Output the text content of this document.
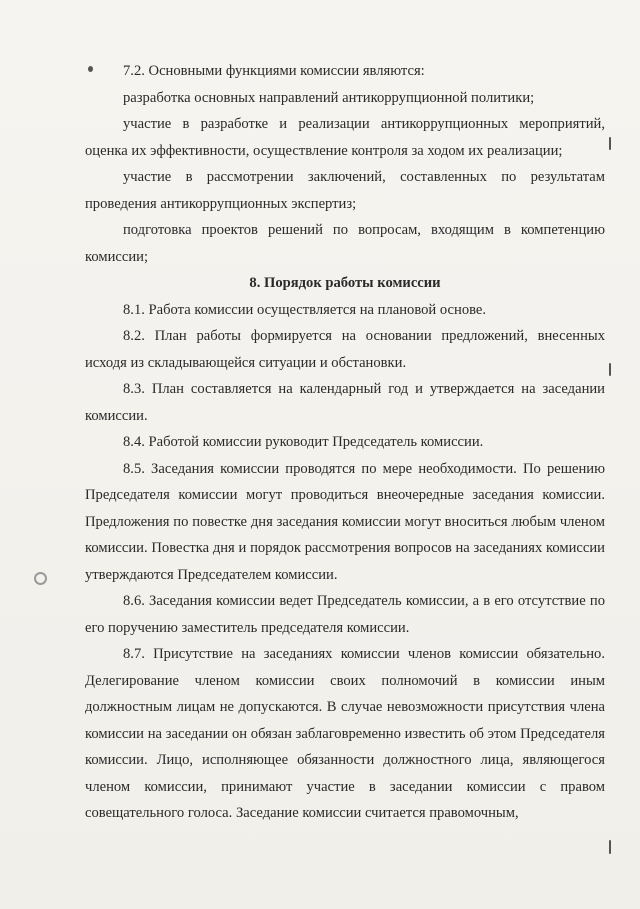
7.2. Основными функциями комиссии являются:

разработка основных направлений антикоррупционной политики;

участие в разработке и реализации антикоррупционных мероприятий, оценка их эффективности, осуществление контроля за ходом их реализации;

участие в рассмотрении заключений, составленных по результатам проведения антикоррупционных экспертиз;

подготовка проектов решений по вопросам, входящим в компетенцию комиссии;

8. Порядок работы комиссии

8.1. Работа комиссии осуществляется на плановой основе.

8.2. План работы формируется на основании предложений, внесенных исходя из складывающейся ситуации и обстановки.

8.3. План составляется на календарный год и утверждается на заседании комиссии.

8.4. Работой комиссии руководит Председатель комиссии.

8.5. Заседания комиссии проводятся по мере необходимости. По решению Председателя комиссии могут проводиться внеочередные заседания комиссии. Предложения по повестке дня заседания комиссии могут вноситься любым членом комиссии. Повестка дня и порядок рассмотрения вопросов на заседаниях комиссии утверждаются Председателем комиссии.

8.6. Заседания комиссии ведет Председатель комиссии, а в его отсутствие по его поручению заместитель председателя комиссии.

8.7. Присутствие на заседаниях комиссии членов комиссии обязательно. Делегирование членом комиссии своих полномочий в комиссии иным должностным лицам не допускаются. В случае невозможности присутствия члена комиссии на заседании он обязан заблаговременно известить об этом Председателя комиссии. Лицо, исполняющее обязанности должностного лица, являющегося членом комиссии, принимают участие в заседании комиссии с правом совещательного голоса. Заседание комиссии считается правомочным,
